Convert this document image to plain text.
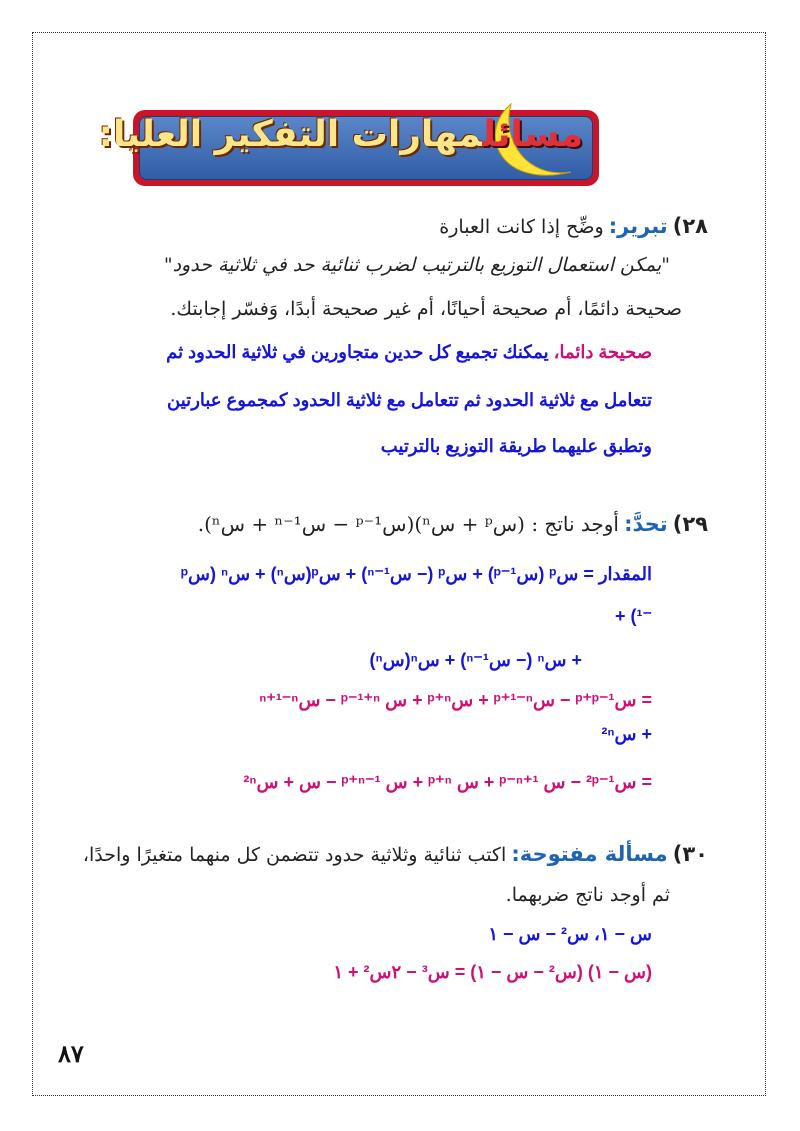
مسائلمهارات التفكير العليا:
٢٨) تبرير: وضِّح إذا كانت العبارة
"يمكن استعمال التوزيع بالترتيب لضرب ثنائية حد في ثلاثية حدود"
صحيحة دائمًا، أم صحيحة أحيانًا، أم غير صحيحة أبدًا، وَفسّر إجابتك.
صحيحة دائما، يمكنك تجميع كل حدين متجاورين في ثلاثية الحدود ثم
تتعامل مع ثلاثية الحدود ثم تتعامل مع ثلاثية الحدود كمجموع عبارتين
وتطبق عليهما طريقة التوزيع بالترتيب
٢٩) تحدَّ: أوجد ناتج : (سᵖ + سⁿ)(سᵖ⁻¹ − س¹⁻ⁿ + سⁿ).
المقدار = سᵖ (سᵖ⁻¹) + سᵖ (− س¹⁻ⁿ) + سᵖ(سⁿ) + سⁿ (سᵖ
+ (¹⁻
+ سⁿ (− س¹⁻ⁿ) + سⁿ(سⁿ)
= سᵖ⁺ᵖ⁻¹ − سᵖ⁺¹⁻ⁿ + سᵖ⁺ⁿ + س ᵖ⁻¹⁺ⁿ − سⁿ⁺¹⁻ⁿ
+ س²ⁿ
= س²ᵖ⁻¹ − س ᵖ⁻ⁿ⁺¹ + س ᵖ⁺ⁿ + س ᵖ⁺ⁿ⁻¹ − س + س²ⁿ
٣٠) مسألة مفتوحة: اكتب ثنائية وثلاثية حدود تتضمن كل منهما متغيرًا واحدًا،
ثم أوجد ناتج ضربهما.
س − ١، س² − س − ١
(س − ١) (س² − س − ١) = س³ − ٢س² + ١
٨٧
